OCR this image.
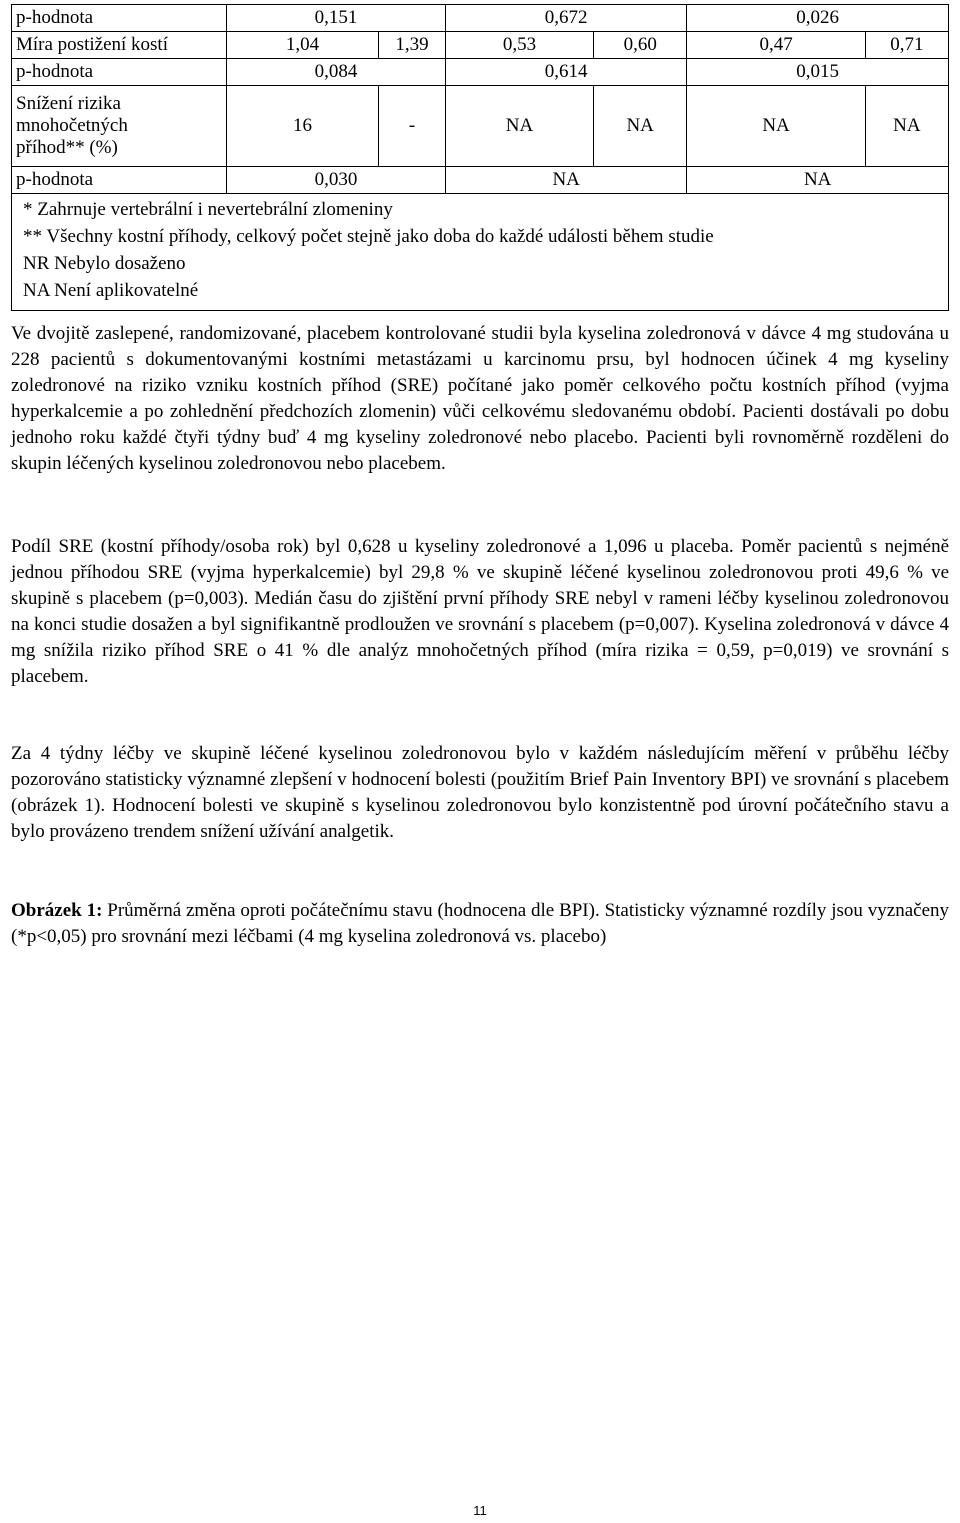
p-hodnota	0,151		0,672		0,026	
Míra postižení kostí	1,04	1,39	0,53	0,60	0,47	0,71
p-hodnota	0,084		0,614		0,015	

Snížení rizika
mnohočetných
příhod** (%)	16	-	NA	NA	NA	NA
p-hodnota	0,030		NA		NA	

* Zahrnuje vertebrální i nevertebrální zlomeniny
** Všechny kostní příhody, celkový počet stejně jako doba do každé události během studie
NR Nebylo dosaženo
NA Není aplikovatelné						

Ve dvojitě zaslepené, randomizované, placebem kontrolované studii byla kyselina zoledronová v dávce 4 mg studována u 228 pacientů s dokumentovanými kostními metastázami u karcinomu prsu, byl hodnocen účinek 4 mg kyseliny zoledronové na riziko vzniku kostních příhod (SRE) počítané jako poměr celkového počtu kostních příhod (vyjma hyperkalcemie a po zohlednění předchozích zlomenin) vůči celkovému sledovanému období. Pacienti dostávali po dobu jednoho roku každé čtyři týdny buď 4 mg kyseliny zoledronové nebo placebo. Pacienti byli rovnoměrně rozděleni do skupin léčených kyselinou zoledronovou nebo placebem.

Podíl SRE (kostní příhody/osoba rok) byl 0,628 u kyseliny zoledronové a 1,096 u placeba. Poměr pacientů s nejméně jednou příhodou SRE (vyjma hyperkalcemie) byl 29,8 % ve skupině léčené kyselinou zoledronovou proti 49,6 % ve skupině s placebem (p=0,003). Medián času do zjištění první příhody SRE nebyl v rameni léčby kyselinou zoledronovou na konci studie dosažen a byl signifikantně prodloužen ve srovnání s placebem (p=0,007). Kyselina zoledronová v dávce 4 mg snížila riziko příhod SRE o 41 % dle analýz mnohočetných příhod (míra rizika = 0,59, p=0,019) ve srovnání s placebem.

Za 4 týdny léčby ve skupině léčené kyselinou zoledronovou bylo v každém následujícím měření v průběhu léčby pozorováno statisticky významné zlepšení v hodnocení bolesti (použitím Brief Pain Inventory BPI) ve srovnání s placebem (obrázek 1). Hodnocení bolesti ve skupině s kyselinou zoledronovou bylo konzistentně pod úrovní počátečního stavu a bylo provázeno trendem snížení užívání analgetik.

Obrázek 1: Průměrná změna oproti počátečnímu stavu (hodnocena dle BPI). Statisticky významné rozdíly jsou vyznačeny (*p<0,05) pro srovnání mezi léčbami (4 mg kyselina zoledronová vs. placebo)

11
